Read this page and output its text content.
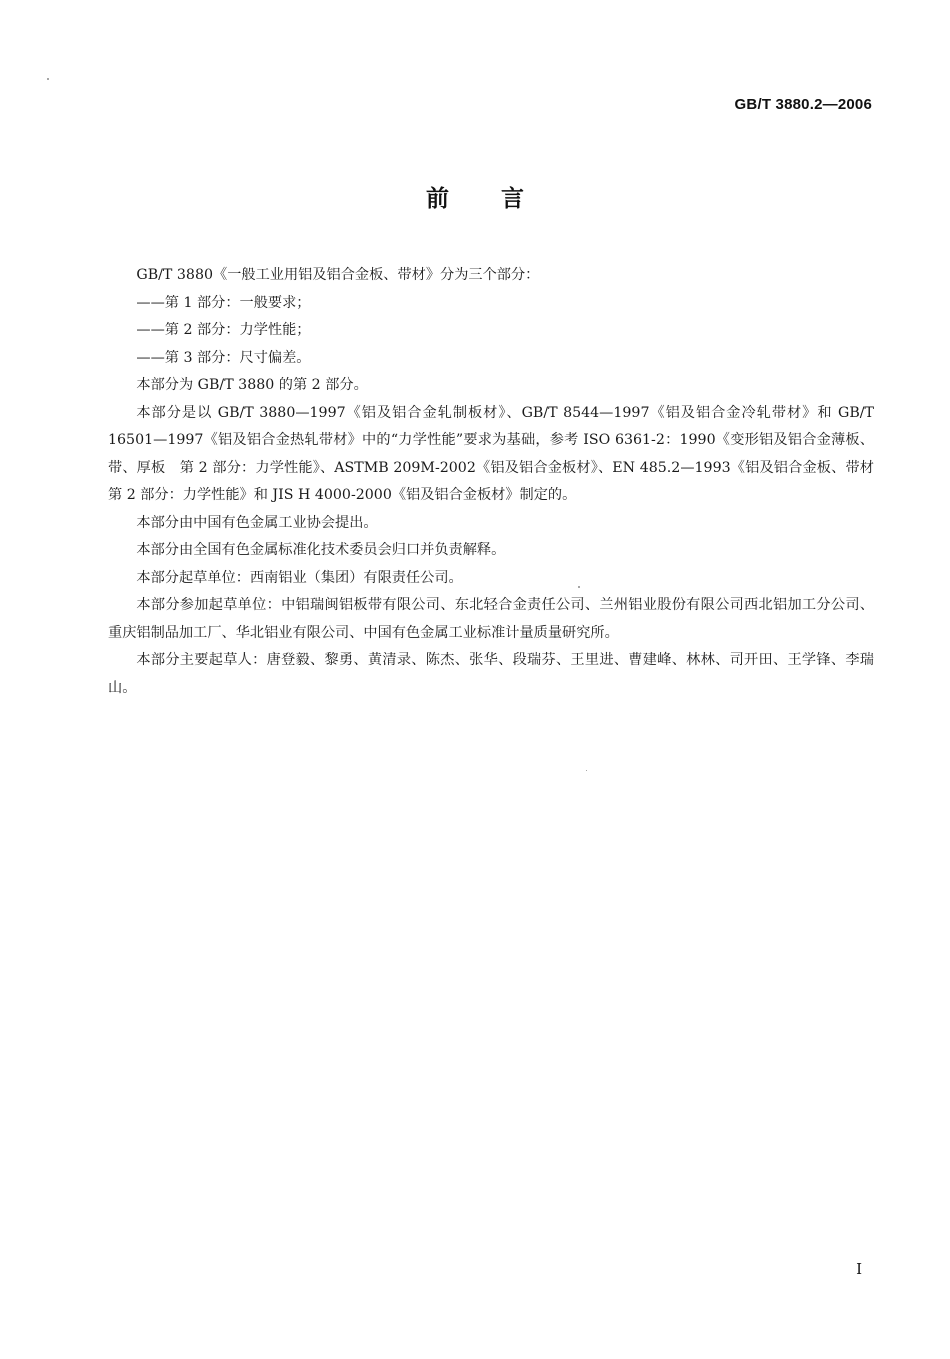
GB/T 3880.2—2006
前言

GB/T 3880《一般工业用铝及铝合金板、带材》分为三个部分：

——第 1 部分：一般要求；

——第 2 部分：力学性能；

——第 3 部分：尺寸偏差。

本部分为 GB/T 3880 的第 2 部分。

本部分是以 GB/T 3880—1997《铝及铝合金轧制板材》、GB/T 8544—1997《铝及铝合金冷轧带材》和 GB/T 16501—1997《铝及铝合金热轧带材》中的“力学性能”要求为基础，参考 ISO 6361-2：1990《变形铝及铝合金薄板、带、厚板　第 2 部分：力学性能》、ASTMB 209M-2002《铝及铝合金板材》、EN 485.2—1993《铝及铝合金板、带材　第 2 部分：力学性能》和 JIS H 4000-2000《铝及铝合金板材》制定的。

本部分由中国有色金属工业协会提出。

本部分由全国有色金属标准化技术委员会归口并负责解释。

本部分起草单位：西南铝业（集团）有限责任公司。

本部分参加起草单位：中铝瑞闽铝板带有限公司、东北轻合金责任公司、兰州铝业股份有限公司西北铝加工分公司、重庆铝制品加工厂、华北铝业有限公司、中国有色金属工业标准计量质量研究所。

本部分主要起草人：唐登毅、黎勇、黄清录、陈杰、张华、段瑞芬、王里进、曹建峰、林林、司开田、王学锋、李瑞山。

I
